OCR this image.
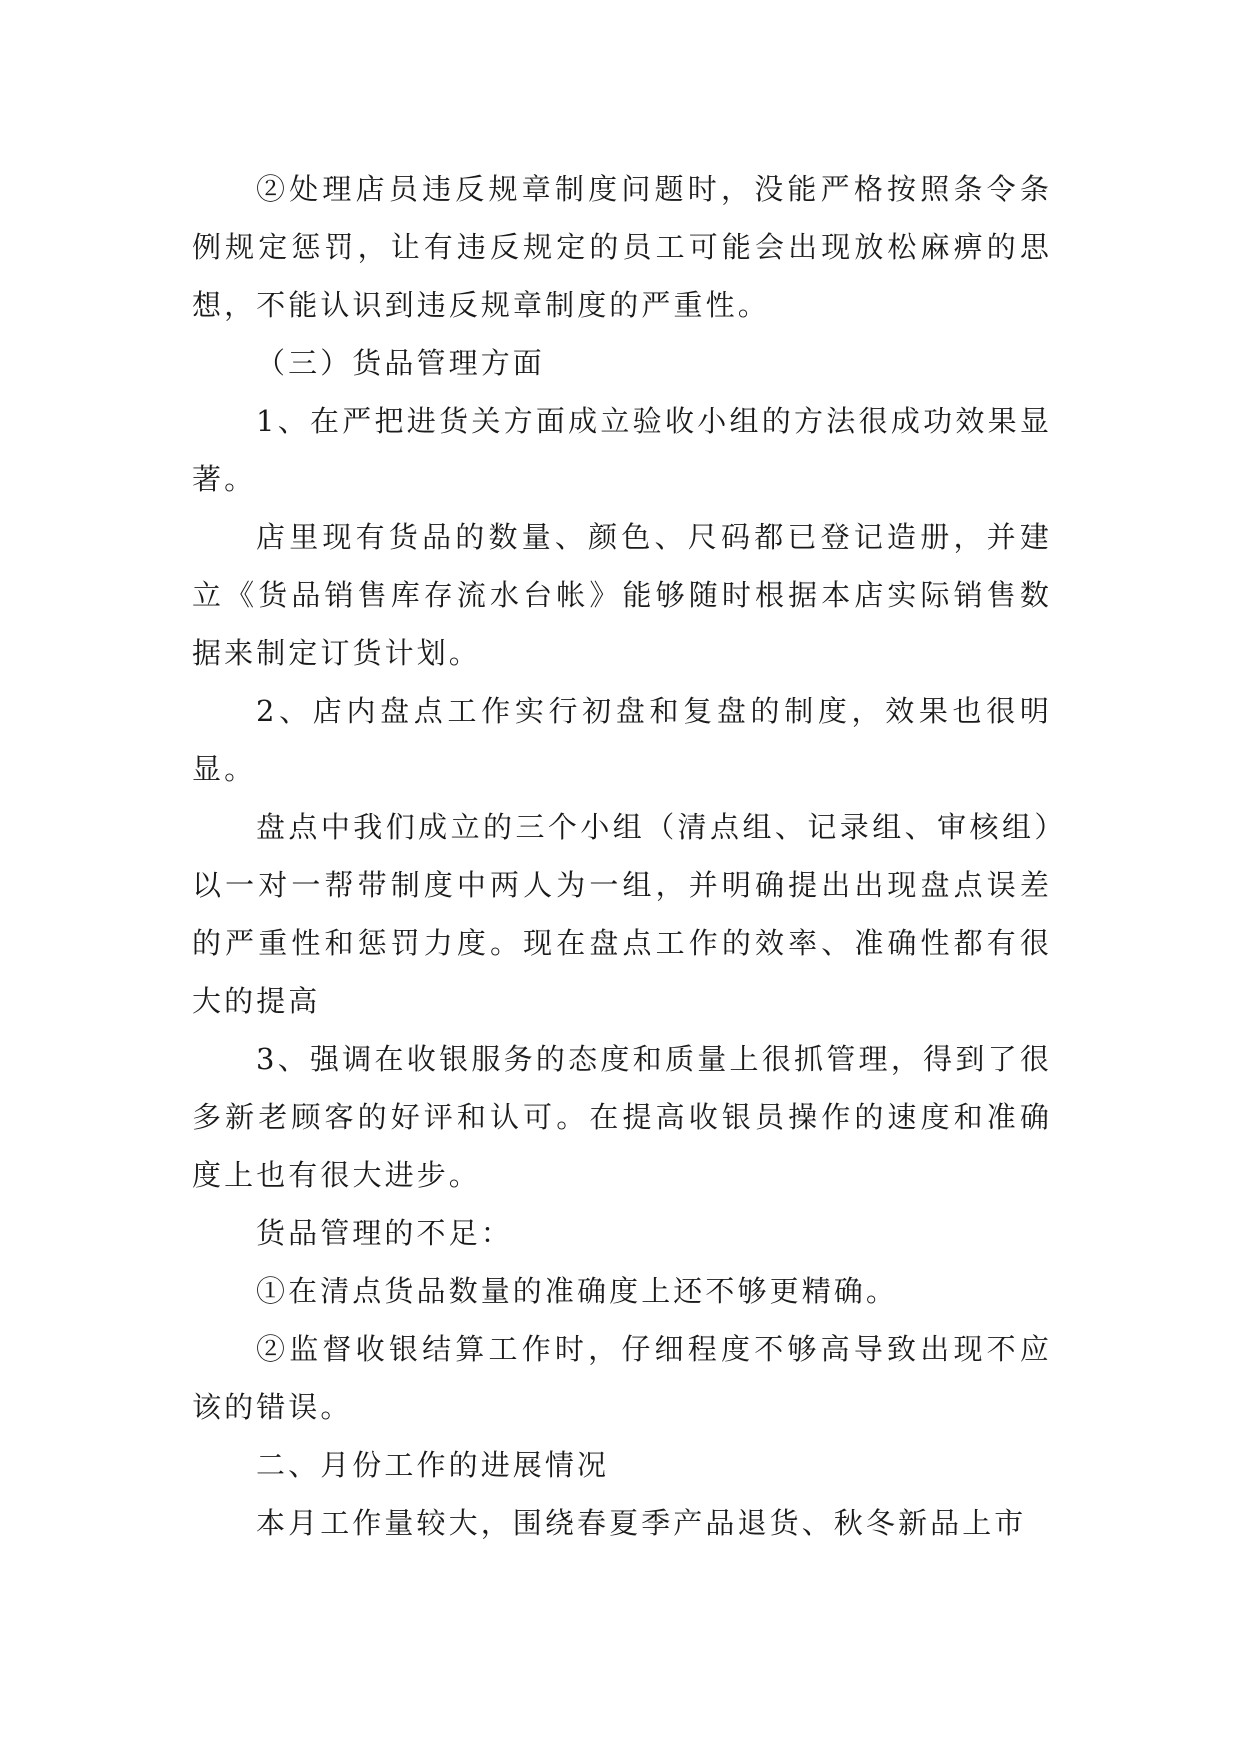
②处理店员违反规章制度问题时，没能严格按照条令条例规定惩罚，让有违反规定的员工可能会出现放松麻痹的思想，不能认识到违反规章制度的严重性。

（三）货品管理方面

1、在严把进货关方面成立验收小组的方法很成功效果显著。

店里现有货品的数量、颜色、尺码都已登记造册，并建立《货品销售库存流水台帐》能够随时根据本店实际销售数据来制定订货计划。

2、店内盘点工作实行初盘和复盘的制度，效果也很明显。

盘点中我们成立的三个小组（清点组、记录组、审核组）以一对一帮带制度中两人为一组，并明确提出出现盘点误差的严重性和惩罚力度。现在盘点工作的效率、准确性都有很大的提高

3、强调在收银服务的态度和质量上很抓管理，得到了很多新老顾客的好评和认可。在提高收银员操作的速度和准确度上也有很大进步。

货品管理的不足：

①在清点货品数量的准确度上还不够更精确。

②监督收银结算工作时，仔细程度不够高导致出现不应该的错误。

二、月份工作的进展情况

本月工作量较大，围绕春夏季产品退货、秋冬新品上市
